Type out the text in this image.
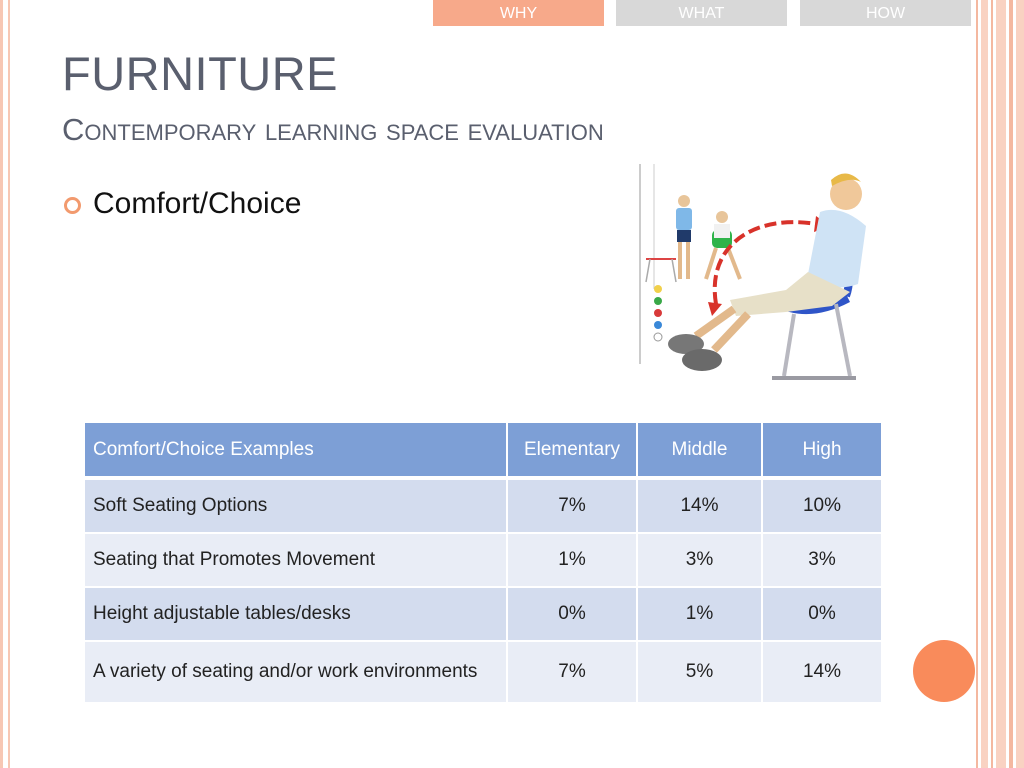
WHY	WHAT	HOW
FURNITURE
Contemporary learning space evaluation
Comfort/Choice
Comfort/Choice Examples	Elementary	Middle	High
Soft Seating Options	7%	14%	10%
Seating that Promotes Movement	1%	3%	3%
Height adjustable tables/desks	0%	1%	0%
A variety of seating and/or work environments	7%	5%	14%
